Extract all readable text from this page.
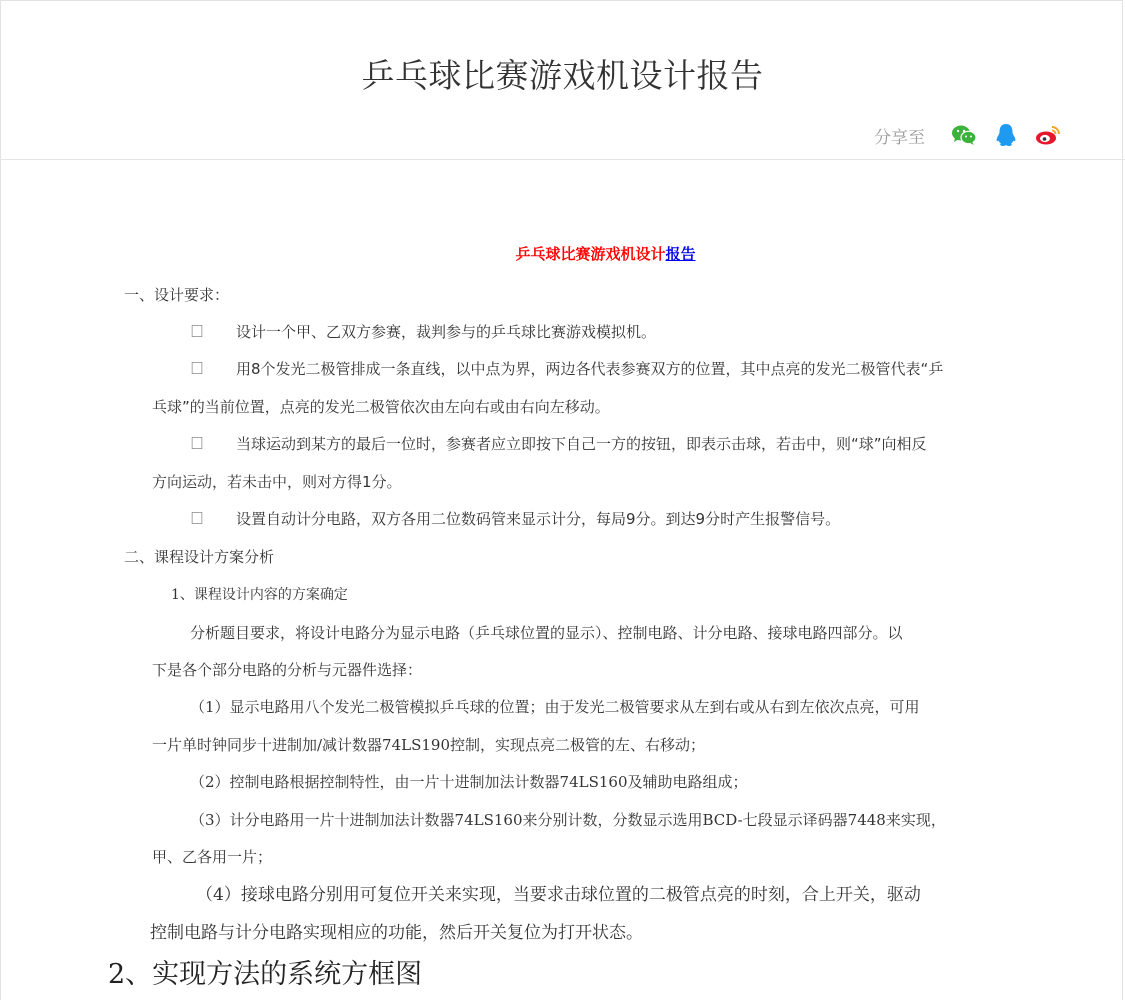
乒乓球比赛游戏机设计报告
分享至
乒乓球比赛游戏机设计报告
一、设计要求：
设计一个甲、乙双方参赛，裁判参与的乒乓球比赛游戏模拟机。
用8个发光二极管排成一条直线，以中点为界，两边各代表参赛双方的位置，其中点亮的发光二极管代表“乒
乓球”的当前位置，点亮的发光二极管依次由左向右或由右向左移动。
当球运动到某方的最后一位时，参赛者应立即按下自己一方的按钮，即表示击球，若击中，则“球”向相反
方向运动，若未击中，则对方得1分。
设置自动计分电路，双方各用二位数码管来显示计分，每局9分。到达9分时产生报警信号。
二、课程设计方案分析
1、课程设计内容的方案确定
分析题目要求，将设计电路分为显示电路（乒乓球位置的显示）、控制电路、计分电路、接球电路四部分。以
下是各个部分电路的分析与元器件选择：
（1）显示电路用八个发光二极管模拟乒乓球的位置；由于发光二极管要求从左到右或从右到左依次点亮，可用
一片单时钟同步十进制加/减计数器74LS190控制，实现点亮二极管的左、右移动；
（2）控制电路根据控制特性，由一片十进制加法计数器74LS160及辅助电路组成；
（3）计分电路用一片十进制加法计数器74LS160来分别计数，分数显示选用BCD-七段显示译码器7448来实现，
甲、乙各用一片；
（4）接球电路分别用可复位开关来实现，当要求击球位置的二极管点亮的时刻，合上开关，驱动
控制电路与计分电路实现相应的功能，然后开关复位为打开状态。
2、实现方法的系统方框图
